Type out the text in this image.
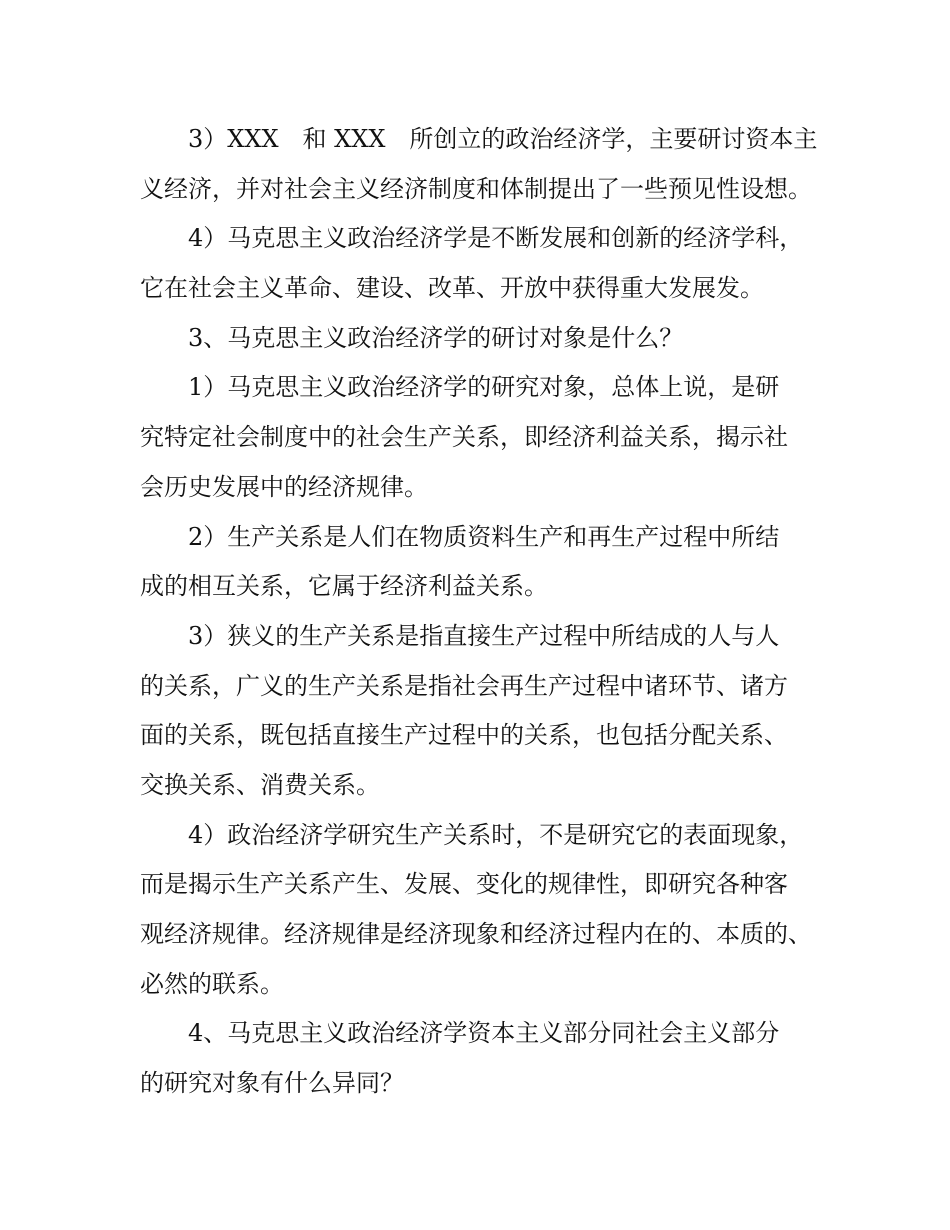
3）XXX　和 XXX　所创立的政治经济学，主要研讨资本主
义经济，并对社会主义经济制度和体制提出了一些预见性设想。
4）马克思主义政治经济学是不断发展和创新的经济学科，
它在社会主义革命、建设、改革、开放中获得重大发展发。
3、马克思主义政治经济学的研讨对象是什么？
1）马克思主义政治经济学的研究对象，总体上说，是研
究特定社会制度中的社会生产关系，即经济利益关系，揭示社
会历史发展中的经济规律。
2）生产关系是人们在物质资料生产和再生产过程中所结
成的相互关系，它属于经济利益关系。
3）狭义的生产关系是指直接生产过程中所结成的人与人
的关系，广义的生产关系是指社会再生产过程中诸环节、诸方
面的关系，既包括直接生产过程中的关系，也包括分配关系、
交换关系、消费关系。
4）政治经济学研究生产关系时，不是研究它的表面现象，
而是揭示生产关系产生、发展、变化的规律性，即研究各种客
观经济规律。经济规律是经济现象和经济过程内在的、本质的、
必然的联系。
4、马克思主义政治经济学资本主义部分同社会主义部分
的研究对象有什么异同？
